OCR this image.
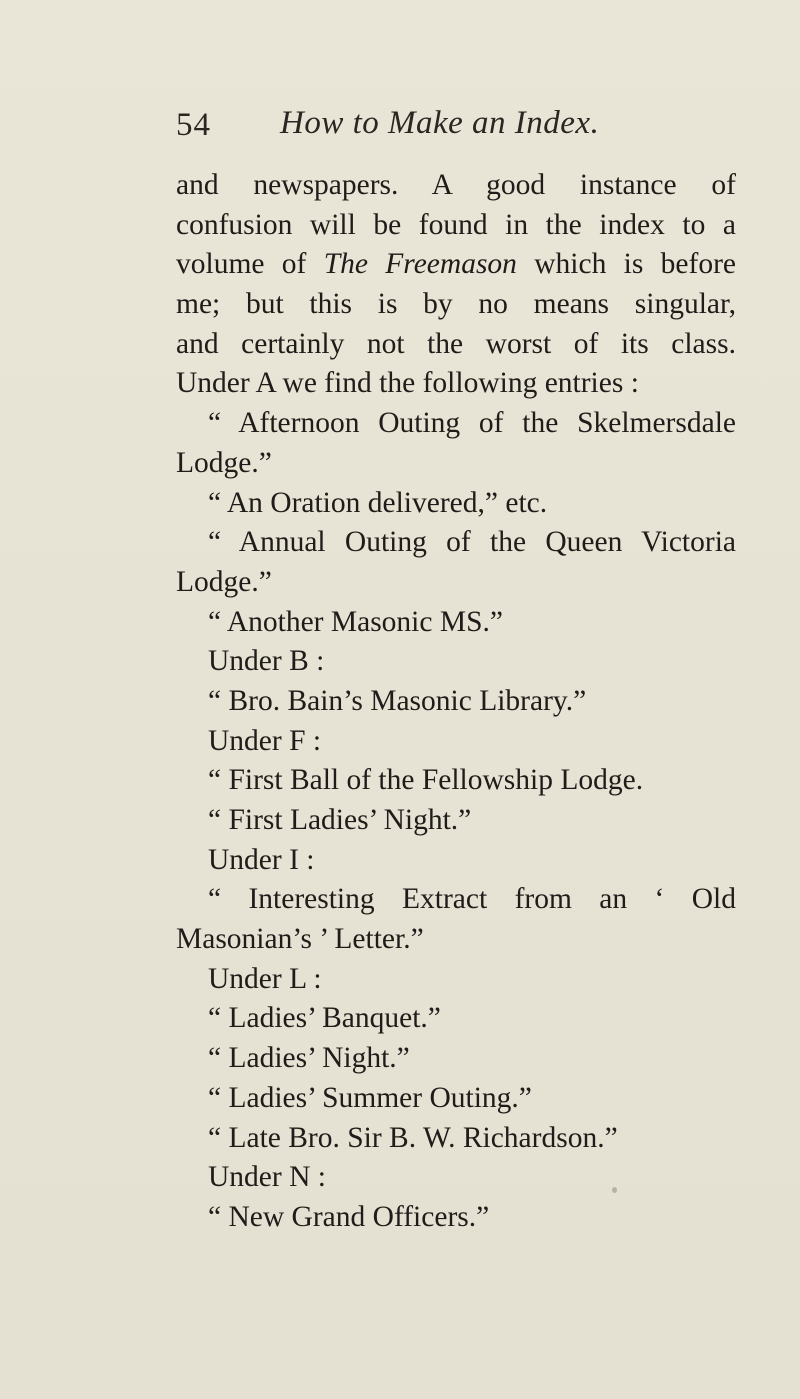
54 How to Make an Index.
and newspapers. A good instance of
confusion will be found in the index to a
volume of The Freemason which is before
me; but this is by no means singular,
and certainly not the worst of its class.
Under A we find the following entries :
“ Afternoon Outing of the Skelmersdale
Lodge.”
“ An Oration delivered,” etc.
“ Annual Outing of the Queen Victoria
Lodge.”
“ Another Masonic MS.”
Under B :
“ Bro. Bain’s Masonic Library.”
Under F :
“ First Ball of the Fellowship Lodge.
“ First Ladies’ Night.”
Under I :
“ Interesting Extract from an ‘ Old
Masonian’s ’ Letter.”
Under L :
“ Ladies’ Banquet.”
“ Ladies’ Night.”
“ Ladies’ Summer Outing.”
“ Late Bro. Sir B. W. Richardson.”
Under N :
“ New Grand Officers.”
